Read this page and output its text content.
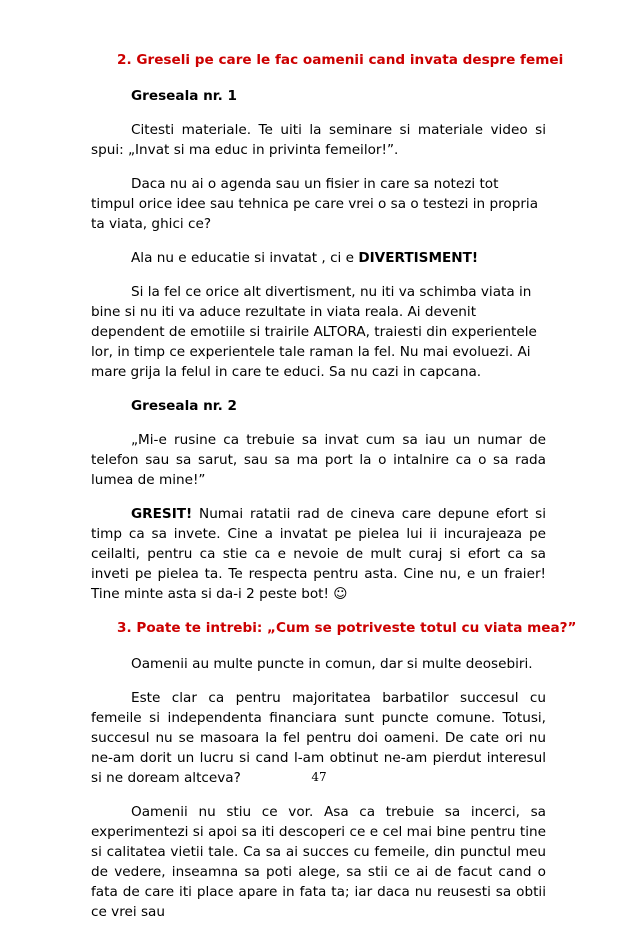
2. Greseli pe care le fac oamenii cand invata despre femei
Greseala nr. 1

Citesti materiale. Te uiti la seminare si materiale video si spui: „Invat si ma educ in privinta femeilor!”.

Daca nu ai o agenda sau un fisier in care sa notezi tot timpul orice idee sau tehnica pe care vrei o sa o testezi in propria ta viata, ghici ce?

Ala nu e educatie si invatat , ci e DIVERTISMENT!

Si la fel ce orice alt divertisment, nu iti va schimba viata in bine si nu iti va aduce rezultate in viata reala. Ai devenit dependent de emotiile si trairile ALTORA, traiesti din experientele lor, in timp ce experientele tale raman la fel. Nu mai evoluezi. Ai mare grija la felul in care te educi. Sa nu cazi in capcana.

Greseala nr. 2

„Mi-e rusine ca trebuie sa invat cum sa iau un numar de telefon sau sa sarut, sau sa ma port la o intalnire ca o sa rada lumea de mine!”

GRESIT! Numai ratatii rad de cineva care depune efort si timp ca sa invete. Cine a invatat pe pielea lui ii incurajeaza pe ceilalti, pentru ca stie ca e nevoie de mult curaj si efort ca sa inveti pe pielea ta. Te respecta pentru asta. Cine nu, e un fraier! Tine minte asta si da-i 2 peste bot! ☺

3. Poate te intrebi: „Cum se potriveste totul cu viata mea?”

Oamenii au multe puncte in comun, dar si multe deosebiri.

Este clar ca pentru majoritatea barbatilor succesul cu femeile si independenta financiara sunt puncte comune. Totusi, succesul nu se masoara la fel pentru doi oameni. De cate ori nu ne-am dorit un lucru si cand l-am obtinut ne-am pierdut interesul si ne doream altceva?

Oamenii nu stiu ce vor. Asa ca trebuie sa incerci, sa experimentezi si apoi sa iti descoperi ce e cel mai bine pentru tine si calitatea vietii tale. Ca sa ai succes cu femeile, din punctul meu de vedere, inseamna sa poti alege, sa stii ce ai de facut cand o fata de care iti place apare in fata ta; iar daca nu reusesti sa obtii ce vrei sau

47
